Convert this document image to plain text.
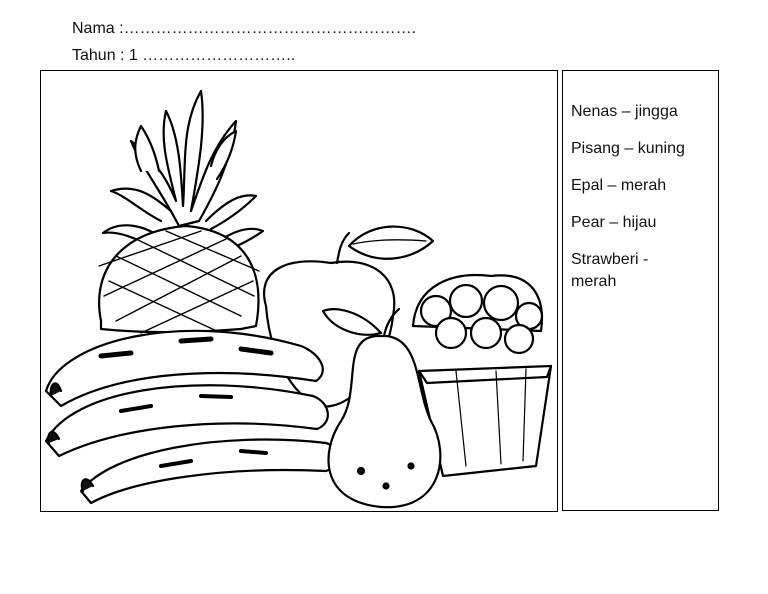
Nama :……………………………………………….
Tahun : 1 ………………………..
Nenas – jingga
Pisang – kuning
Epal – merah
Pear – hijau
Strawberi - merah
